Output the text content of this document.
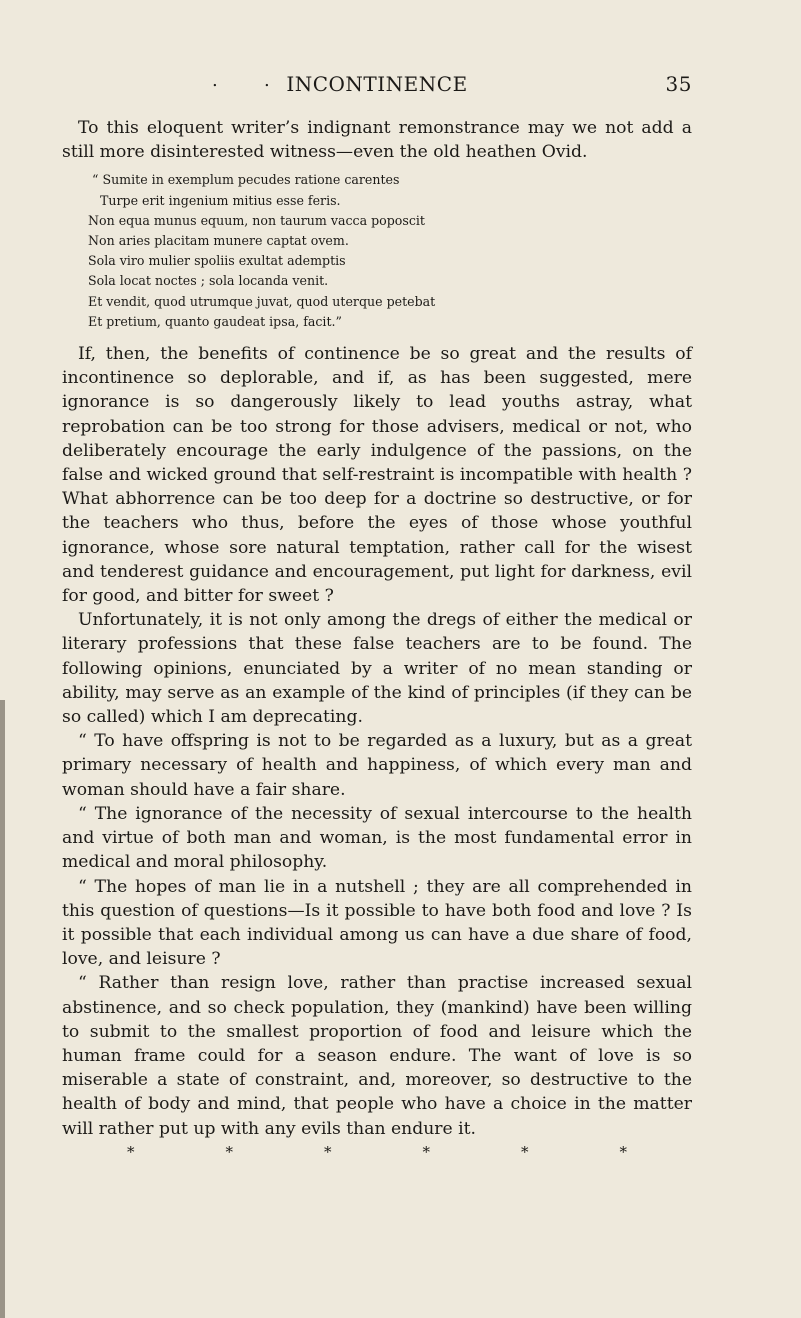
.	. INCONTINENCE	35

To this eloquent writer’s indignant remonstrance may we not add a still more disinterested witness—even the old heathen Ovid.

“ Sumite in exemplum pecudes ratione carentes
Turpe erit ingenium mitius esse feris.
Non equa munus equum, non taurum vacca poposcit
Non aries placitam munere captat ovem.
Sola viro mulier spoliis exultat ademptis
Sola locat noctes ; sola locanda venit.
Et vendit, quod utrumque juvat, quod uterque petebat
Et pretium, quanto gaudeat ipsa, facit.”

If, then, the benefits of continence be so great and the results of incontinence so deplorable, and if, as has been suggested, mere ignorance is so dangerously likely to lead youths astray, what reprobation can be too strong for those advisers, medical or not, who deliberately encourage the early indulgence of the passions, on the false and wicked ground that self-restraint is incompatible with health ? What abhorrence can be too deep for a doctrine so destructive, or for the teachers who thus, before the eyes of those whose youthful ignorance, whose sore natural temptation, rather call for the wisest and tenderest guidance and encouragement, put light for darkness, evil for good, and bitter for sweet ?

Unfortunately, it is not only among the dregs of either the medical or literary professions that these false teachers are to be found. The following opinions, enunciated by a writer of no mean standing or ability, may serve as an example of the kind of principles (if they can be so called) which I am deprecating.

“ To have offspring is not to be regarded as a luxury, but as a great primary necessary of health and happiness, of which every man and woman should have a fair share.

“ The ignorance of the necessity of sexual intercourse to the health and virtue of both man and woman, is the most fundamental error in medical and moral philosophy.

“ The hopes of man lie in a nutshell ; they are all comprehended in this question of questions—Is it possible to have both food and love ? Is it possible that each individual among us can have a due share of food, love, and leisure ?

“ Rather than resign love, rather than practise increased sexual abstinence, and so check population, they (mankind) have been willing to submit to the smallest proportion of food and leisure which the human frame could for a season endure. The want of love is so miserable a state of constraint, and, moreover, so destructive to the health of body and mind, that people who have a choice in the matter will rather put up with any evils than endure it.

*	*	*	*	*	*
